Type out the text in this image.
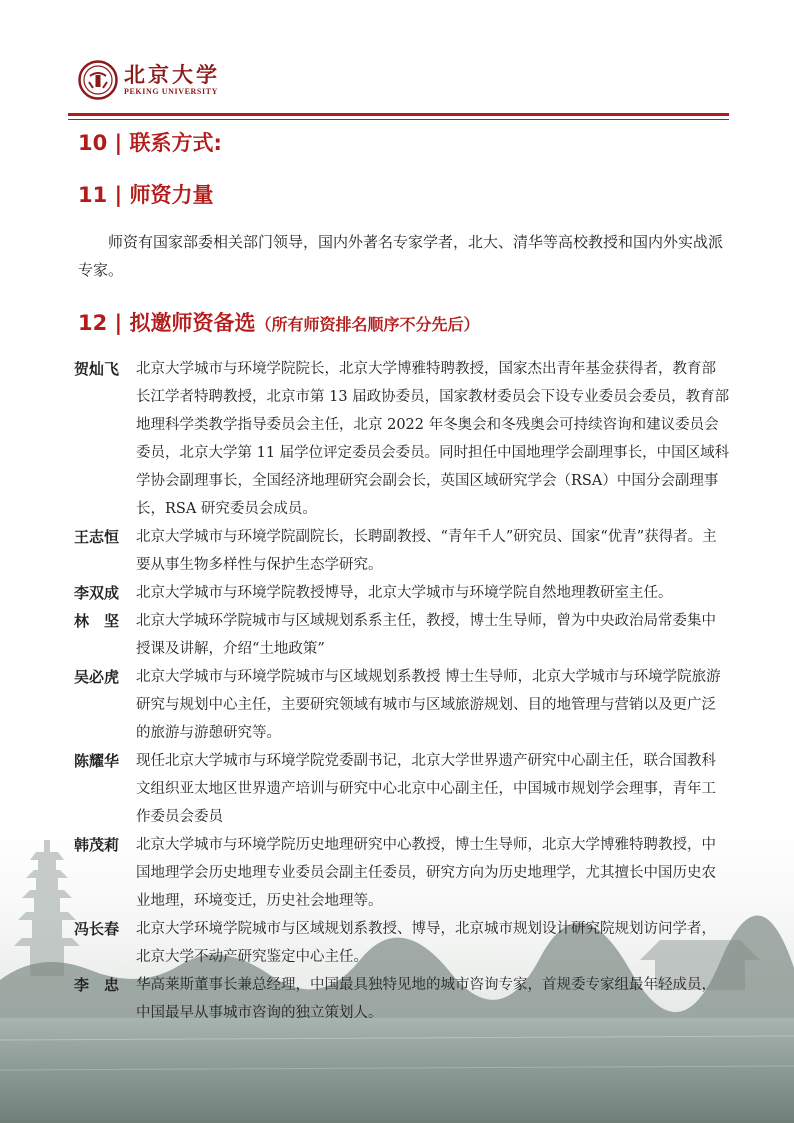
北京大学
PEKING UNIVERSITY
10 | 联系方式:
11 | 师资力量
师资有国家部委相关部门领导，国内外著名专家学者，北大、清华等高校教授和国内外实战派专家。
12 | 拟邀师资备选（所有师资排名顺序不分先后）
贺灿飞	北京大学城市与环境学院院长，北京大学博雅特聘教授，国家杰出青年基金获得者，教育部长江学者特聘教授，北京市第 13 届政协委员，国家教材委员会下设专业委员会委员，教育部地理科学类教学指导委员会主任，北京 2022 年冬奥会和冬残奥会可持续咨询和建议委员会委员，北京大学第 11 届学位评定委员会委员。同时担任中国地理学会副理事长，中国区域科学协会副理事长，全国经济地理研究会副会长，英国区域研究学会（RSA）中国分会副理事长，RSA 研究委员会成员。
王志恒	北京大学城市与环境学院副院长，长聘副教授、“青年千人”研究员、国家“优青”获得者。主要从事生物多样性与保护生态学研究。
李双成	北京大学城市与环境学院教授博导，北京大学城市与环境学院自然地理教研室主任。
林　坚	北京大学城环学院城市与区域规划系系主任，教授，博士生导师，曾为中央政治局常委集中授课及讲解，介绍“土地政策”
吴必虎	北京大学城市与环境学院城市与区域规划系教授 博士生导师，北京大学城市与环境学院旅游研究与规划中心主任，主要研究领域有城市与区域旅游规划、目的地管理与营销以及更广泛的旅游与游憩研究等。
陈耀华	现任北京大学城市与环境学院党委副书记，北京大学世界遗产研究中心副主任，联合国教科文组织亚太地区世界遗产培训与研究中心北京中心副主任，中国城市规划学会理事，青年工作委员会委员
韩茂莉	北京大学城市与环境学院历史地理研究中心教授，博士生导师，北京大学博雅特聘教授，中国地理学会历史地理专业委员会副主任委员，研究方向为历史地理学，尤其擅长中国历史农业地理，环境变迁，历史社会地理等。
冯长春	北京大学环境学院城市与区域规划系教授、博导，北京城市规划设计研究院规划访问学者，北京大学不动产研究鉴定中心主任。
李　忠	华高莱斯董事长兼总经理，中国最具独特见地的城市咨询专家，首规委专家组最年轻成员，中国最早从事城市咨询的独立策划人。
